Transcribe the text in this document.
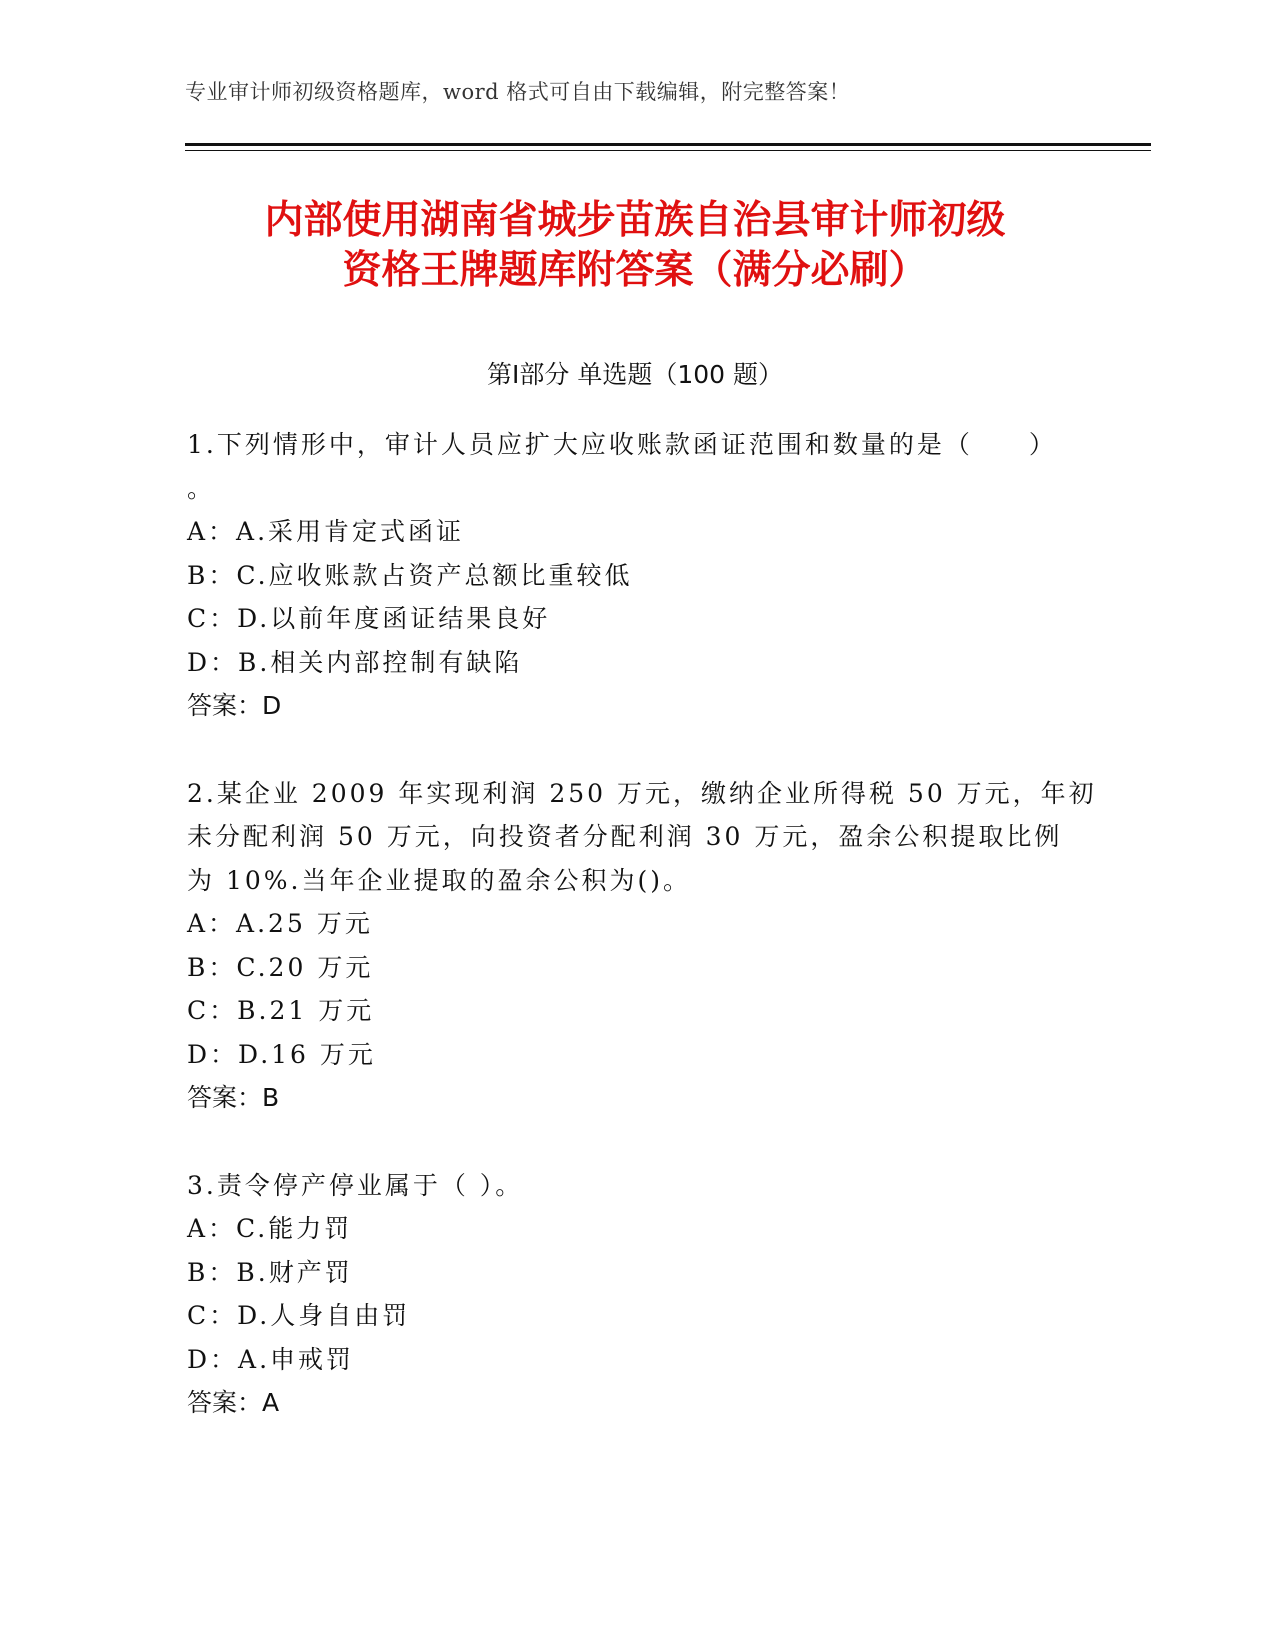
专业审计师初级资格题库，word 格式可自由下载编辑，附完整答案！
内部使用湖南省城步苗族自治县审计师初级
资格王牌题库附答案（满分必刷）
第Ⅰ部分 单选题（100 题）
1.下列情形中，审计人员应扩大应收账款函证范围和数量的是（　　）
。
A：A.采用肯定式函证
B：C.应收账款占资产总额比重较低
C：D.以前年度函证结果良好
D：B.相关内部控制有缺陷
答案：D
2.某企业 2009 年实现利润 250 万元，缴纳企业所得税 50 万元，年初
未分配利润 50 万元，向投资者分配利润 30 万元，盈余公积提取比例
为 10%.当年企业提取的盈余公积为()。
A：A.25 万元
B：C.20 万元
C：B.21 万元
D：D.16 万元
答案：B
3.责令停产停业属于（ ）。
A：C.能力罚
B：B.财产罚
C：D.人身自由罚
D：A.申戒罚
答案：A
